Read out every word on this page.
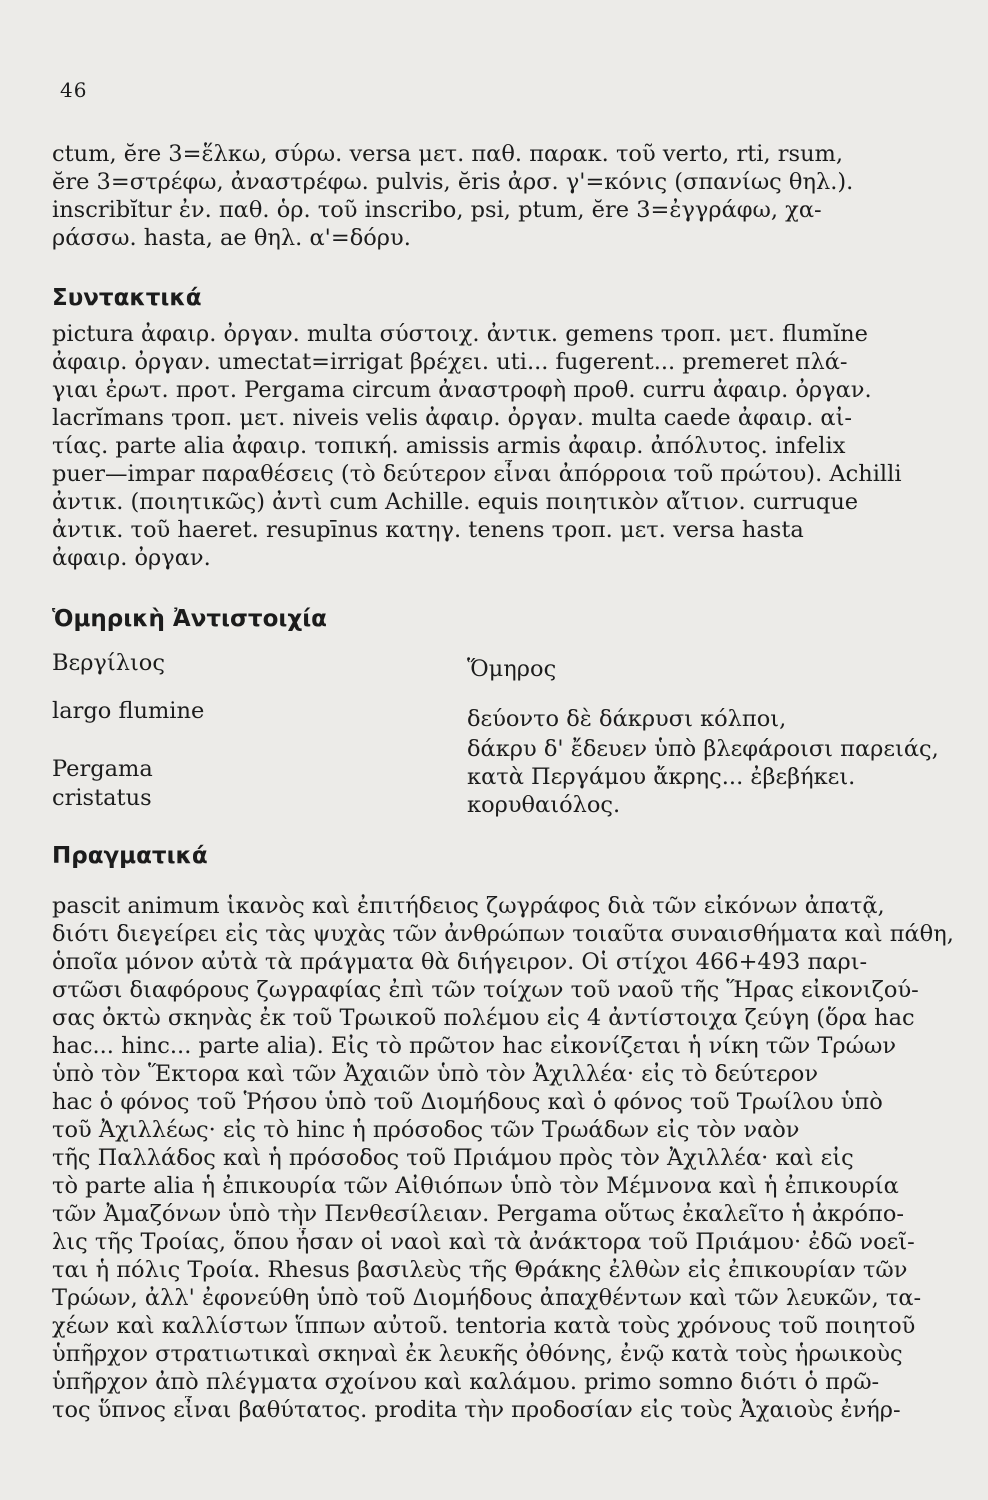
46
ctum, ĕre 3=ἕλκω, σύρω. versa μετ. παθ. παρακ. τοῦ verto, rti, rsum,
ĕre 3=στρέφω, ἀναστρέφω. pulvis, ĕris ἀρσ. γ'=κόνις (σπανίως θηλ.).
inscribĭtur ἐν. παθ. ὁρ. τοῦ inscribo, psi, ptum, ĕre 3=ἐγγράφω, χα-
ράσσω. hasta, ae θηλ. α'=δόρυ.
Συντακτικά
pictura ἀφαιρ. ὀργαν. multa σύστοιχ. ἀντικ. gemens τροπ. μετ. flumĭne
ἀφαιρ. ὀργαν. umectat=irrigat βρέχει. uti... fugerent... premeret πλά-
γιαι ἐρωτ. προτ. Pergama circum ἀναστροφὴ προθ. curru ἀφαιρ. ὀργαν.
lacrĭmans τροπ. μετ. niveis velis ἀφαιρ. ὀργαν. multa caede ἀφαιρ. αἰ-
τίας. parte alia ἀφαιρ. τοπική. amissis armis ἀφαιρ. ἀπόλυτος. infelix
puer—impar παραθέσεις (τὸ δεύτερον εἶναι ἀπόρροια τοῦ πρώτου). Achilli
ἀντικ. (ποιητικῶς) ἀντὶ cum Achille. equis ποιητικὸν αἴτιον. curruque
ἀντικ. τοῦ haeret. resupīnus κατηγ. tenens τροπ. μετ. versa hasta
ἀφαιρ. ὀργαν.
Ὁμηρικὴ Ἀντιστοιχία
Βεργίλιος
largo flumine
Pergama
cristatus
Ὅμηρος
δεύοντο δὲ δάκρυσι κόλποι,
δάκρυ δ' ἔδευεν ὑπὸ βλεφάροισι παρειάς,
κατὰ Περγάμου ἄκρης... ἐβεβήκει.
κορυθαιόλος.
Πραγματικά
pascit animum ἱκανὸς καὶ ἐπιτήδειος ζωγράφος διὰ τῶν εἰκόνων ἀπατᾷ,
διότι διεγείρει εἰς τὰς ψυχὰς τῶν ἀνθρώπων τοιαῦτα συναισθήματα καὶ πάθη,
ὁποῖα μόνον αὐτὰ τὰ πράγματα θὰ διήγειρον. Οἱ στίχοι 466+493 παρι-
στῶσι διαφόρους ζωγραφίας ἐπὶ τῶν τοίχων τοῦ ναοῦ τῆς Ἥρας εἰκονιζού-
σας ὀκτὼ σκηνὰς ἐκ τοῦ Τρωικοῦ πολέμου εἰς 4 ἀντίστοιχα ζεύγη (ὅρα hac
hac... hinc... parte alia). Εἰς τὸ πρῶτον hac εἰκονίζεται ἡ νίκη τῶν Τρώων
ὑπὸ τὸν Ἕκτορα καὶ τῶν Ἀχαιῶν ὑπὸ τὸν Ἀχιλλέα· εἰς τὸ δεύτερον
hac ὁ φόνος τοῦ Ῥήσου ὑπὸ τοῦ Διομήδους καὶ ὁ φόνος τοῦ Τρωίλου ὑπὸ
τοῦ Ἀχιλλέως· εἰς τὸ hinc ἡ πρόσοδος τῶν Τρωάδων εἰς τὸν ναὸν
τῆς Παλλάδος καὶ ἡ πρόσοδος τοῦ Πριάμου πρὸς τὸν Ἀχιλλέα· καὶ εἰς
τὸ parte alia ἡ ἐπικουρία τῶν Αἰθιόπων ὑπὸ τὸν Μέμνονα καὶ ἡ ἐπικουρία
τῶν Ἀμαζόνων ὑπὸ τὴν Πενθεσίλειαν. Pergama οὕτως ἐκαλεῖτο ἡ ἀκρόπο-
λις τῆς Τροίας, ὅπου ἦσαν οἱ ναοὶ καὶ τὰ ἀνάκτορα τοῦ Πριάμου· ἐδῶ νοεῖ-
ται ἡ πόλις Τροία. Rhesus βασιλεὺς τῆς Θράκης ἐλθὼν εἰς ἐπικουρίαν τῶν
Τρώων, ἀλλ' ἐφονεύθη ὑπὸ τοῦ Διομήδους ἀπαχθέντων καὶ τῶν λευκῶν, τα-
χέων καὶ καλλίστων ἵππων αὐτοῦ. tentoria κατὰ τοὺς χρόνους τοῦ ποιητοῦ
ὑπῆρχον στρατιωτικαὶ σκηναὶ ἐκ λευκῆς ὀθόνης, ἐνῷ κατὰ τοὺς ἡρωικοὺς
ὑπῆρχον ἀπὸ πλέγματα σχοίνου καὶ καλάμου. primo somno διότι ὁ πρῶ-
τος ὕπνος εἶναι βαθύτατος. prodita τὴν προδοσίαν εἰς τοὺς Ἀχαιοὺς ἐνήρ-
